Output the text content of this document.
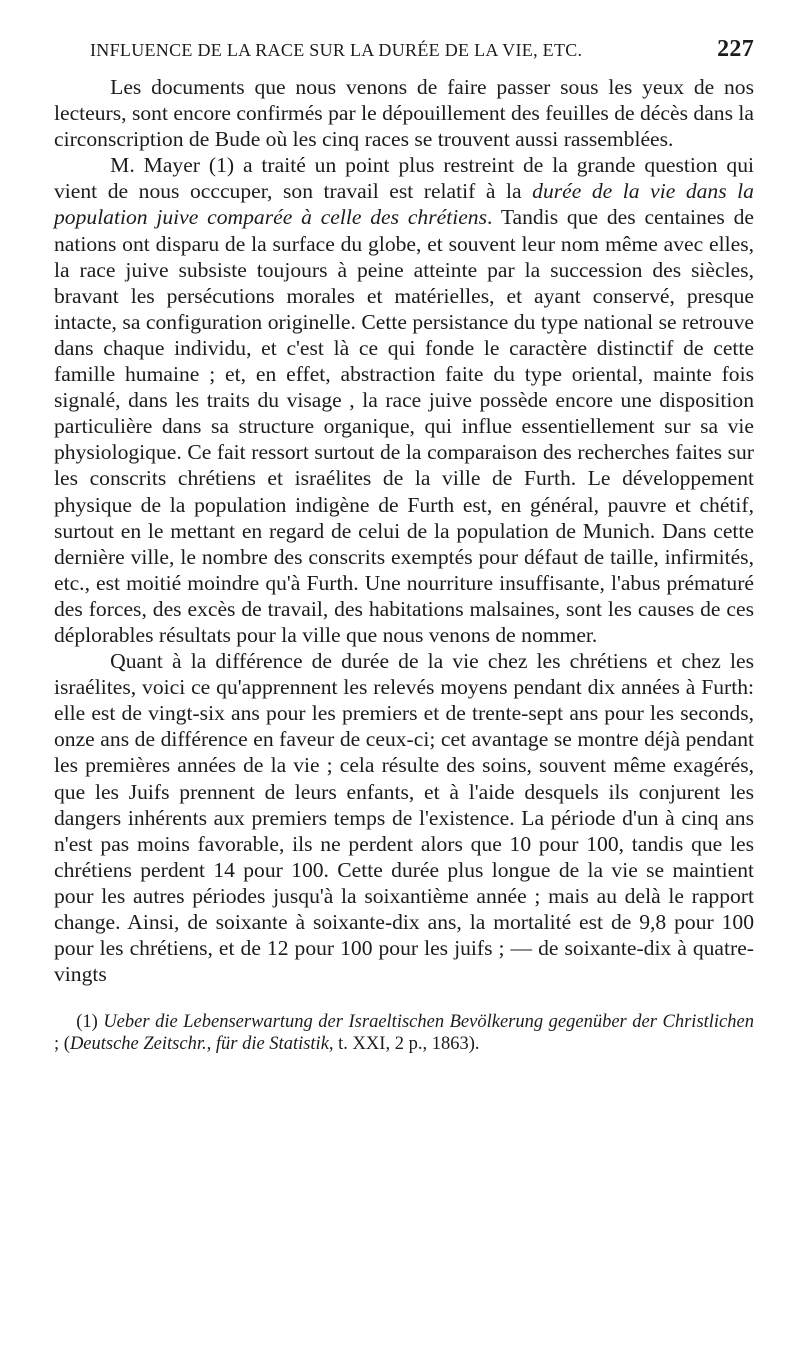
INFLUENCE DE LA RACE SUR LA DURÉE DE LA VIE, ETC.	227

Les documents que nous venons de faire passer sous les yeux de nos lecteurs, sont encore confirmés par le dépouillement des feuilles de décès dans la circonscription de Bude où les cinq races se trouvent aussi rassemblées.

M. Mayer (1) a traité un point plus restreint de la grande question qui vient de nous occcuper, son travail est relatif à la durée de la vie dans la population juive comparée à celle des chrétiens. Tandis que des centaines de nations ont disparu de la surface du globe, et souvent leur nom même avec elles, la race juive subsiste toujours à peine atteinte par la succession des siècles, bravant les persécutions morales et matérielles, et ayant conservé, presque intacte, sa configuration originelle. Cette persistance du type national se retrouve dans chaque individu, et c'est là ce qui fonde le caractère distinctif de cette famille humaine ; et, en effet, abstraction faite du type oriental, mainte fois signalé, dans les traits du visage , la race juive possède encore une disposition particulière dans sa structure organique, qui influe essentiellement sur sa vie physiologique. Ce fait ressort surtout de la comparaison des recherches faites sur les conscrits chrétiens et israélites de la ville de Furth. Le développement physique de la population indigène de Furth est, en général, pauvre et chétif, surtout en le mettant en regard de celui de la population de Munich. Dans cette dernière ville, le nombre des conscrits exemptés pour défaut de taille, infirmités, etc., est moitié moindre qu'à Furth. Une nourriture insuffisante, l'abus prématuré des forces, des excès de travail, des habitations malsaines, sont les causes de ces déplorables résultats pour la ville que nous venons de nommer.

Quant à la différence de durée de la vie chez les chrétiens et chez les israélites, voici ce qu'apprennent les relevés moyens pendant dix années à Furth: elle est de vingt-six ans pour les premiers et de trente-sept ans pour les seconds, onze ans de différence en faveur de ceux-ci; cet avantage se montre déjà pendant les premières années de la vie ; cela résulte des soins, souvent même exagérés, que les Juifs prennent de leurs enfants, et à l'aide desquels ils conjurent les dangers inhérents aux premiers temps de l'existence. La période d'un à cinq ans n'est pas moins favorable, ils ne perdent alors que 10 pour 100, tandis que les chrétiens perdent 14 pour 100. Cette durée plus longue de la vie se maintient pour les autres périodes jusqu'à la soixantième année ; mais au delà le rapport change. Ainsi, de soixante à soixante-dix ans, la mortalité est de 9,8 pour 100 pour les chrétiens, et de 12 pour 100 pour les juifs ; — de soixante-dix à quatre-vingts

(1) Ueber die Lebenserwartung der Israeltischen Bevölkerung gegenüber der Christlichen ; (Deutsche Zeitschr., für die Statistik, t. XXI, 2 p., 1863).
